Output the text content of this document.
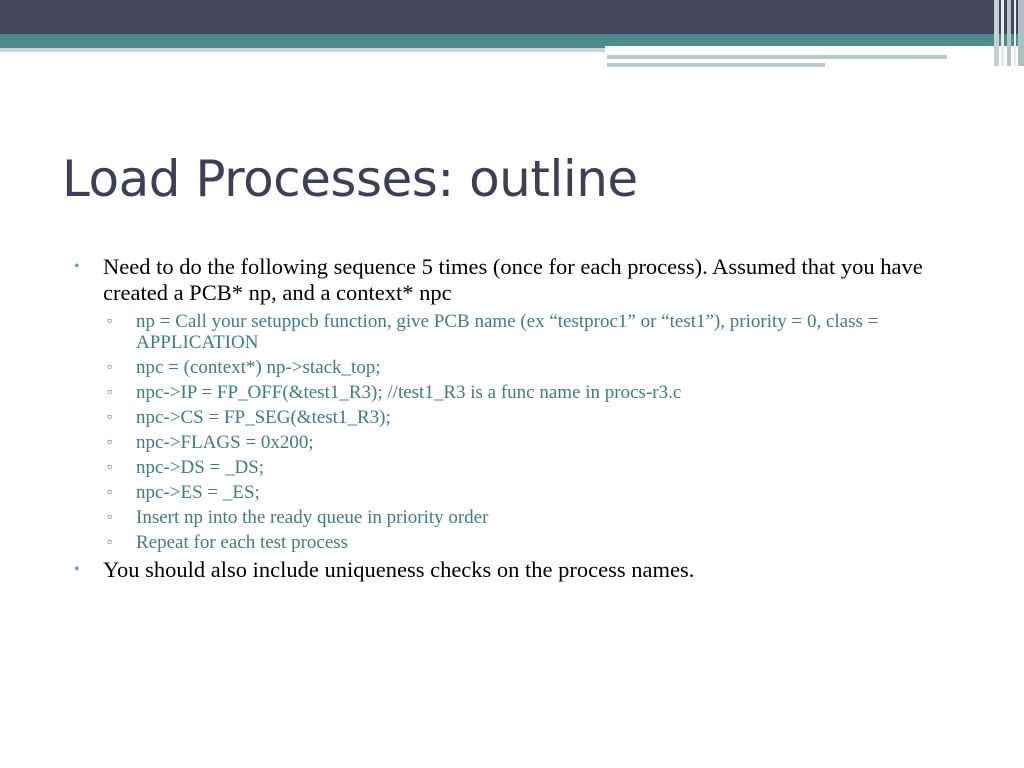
Load Processes: outline
• Need to do the following sequence 5 times (once for each process). Assumed that you have created a PCB* np, and a context* npc
▫ np = Call your setuppcb function, give PCB name (ex “testproc1” or “test1”), priority = 0, class = APPLICATION
▫ npc = (context*) np->stack_top;
▫ npc->IP = FP_OFF(&test1_R3); //test1_R3 is a func name in procs-r3.c
▫ npc->CS = FP_SEG(&test1_R3);
▫ npc->FLAGS = 0x200;
▫ npc->DS = _DS;
▫ npc->ES = _ES;
▫ Insert np into the ready queue in priority order
▫ Repeat for each test process
• You should also include uniqueness checks on the process names.
